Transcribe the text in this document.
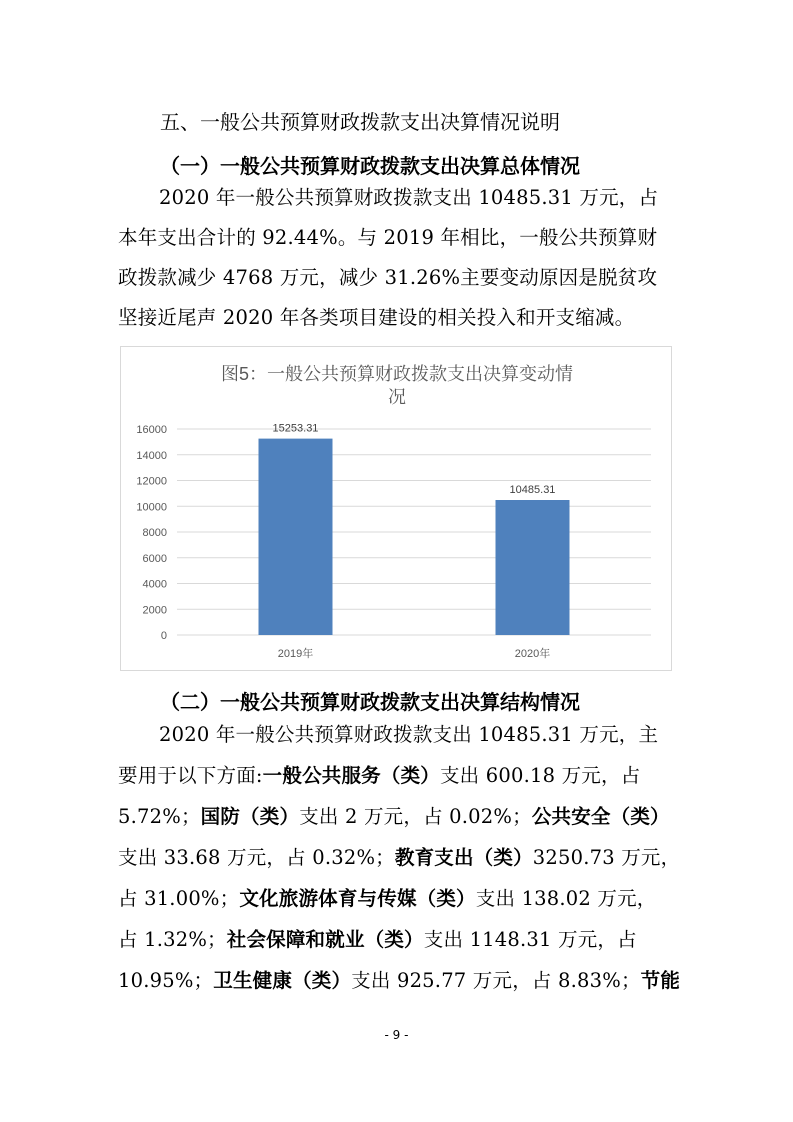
五、一般公共预算财政拨款支出决算情况说明
（一）一般公共预算财政拨款支出决算总体情况
2020 年一般公共预算财政拨款支出 10485.31 万元，占
本年支出合计的 92.44%。与 2019 年相比，一般公共预算财
政拨款减少 4768 万元，减少 31.26%主要变动原因是脱贫攻
坚接近尾声 2020 年各类项目建设的相关投入和开支缩减。
图5：一般公共预算财政拨款支出决算变动情
况
0
2000
4000
6000
8000
10000
12000
14000
16000	15253.31
2019年
10485.31
2020年
（二）一般公共预算财政拨款支出决算结构情况
2020 年一般公共预算财政拨款支出 10485.31 万元，主
要用于以下方面:一般公共服务（类）支出 600.18 万元，占
5.72%；国防（类）支出 2 万元，占 0.02%；公共安全（类）
支出 33.68 万元，占 0.32%；教育支出（类）3250.73 万元，
占 31.00%；文化旅游体育与传媒（类）支出 138.02 万元，
占 1.32%；社会保障和就业（类）支出 1148.31 万元，占
10.95%；卫生健康（类）支出 925.77 万元，占 8.83%；节能
- 9 -
